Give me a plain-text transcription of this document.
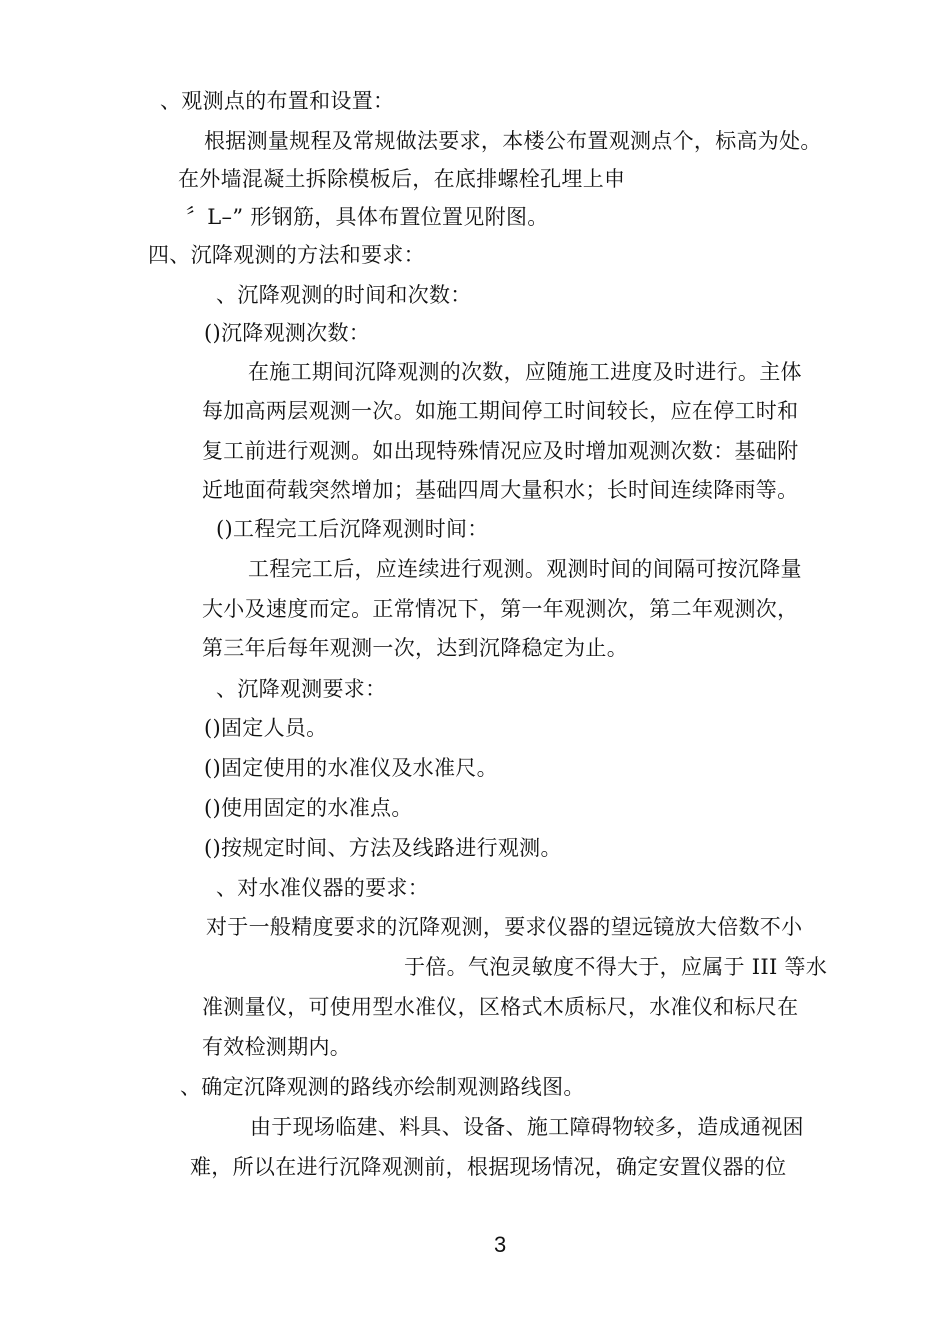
、观测点的布置和设置：
根据测量规程及常规做法要求，本楼公布置观测点个，标高为处。
在外墙混凝土拆除模板后，在底排螺栓孔埋上申
〞L–” 形钢筋，具体布置位置见附图。
四、沉降观测的方法和要求：
、沉降观测的时间和次数：
()沉降观测次数：
在施工期间沉降观测的次数，应随施工进度及时进行。主体
每加高两层观测一次。如施工期间停工时间较长，应在停工时和
复工前进行观测。如出现特殊情况应及时增加观测次数：基础附
近地面荷载突然增加；基础四周大量积水；长时间连续降雨等。
()工程完工后沉降观测时间：
工程完工后，应连续进行观测。观测时间的间隔可按沉降量
大小及速度而定。正常情况下，第一年观测次，第二年观测次，
第三年后每年观测一次，达到沉降稳定为止。
、沉降观测要求：
()固定人员。
()固定使用的水准仪及水准尺。
()使用固定的水准点。
()按规定时间、方法及线路进行观测。
、对水准仪器的要求：
对于一般精度要求的沉降观测，要求仪器的望远镜放大倍数不小
于倍。气泡灵敏度不得大于，应属于 III 等水
准测量仪，可使用型水准仪，区格式木质标尺，水准仪和标尺在
有效检测期内。
、确定沉降观测的路线亦绘制观测路线图。
由于现场临建、料具、设备、施工障碍物较多，造成通视困
难，所以在进行沉降观测前，根据现场情况，确定安置仪器的位
3
